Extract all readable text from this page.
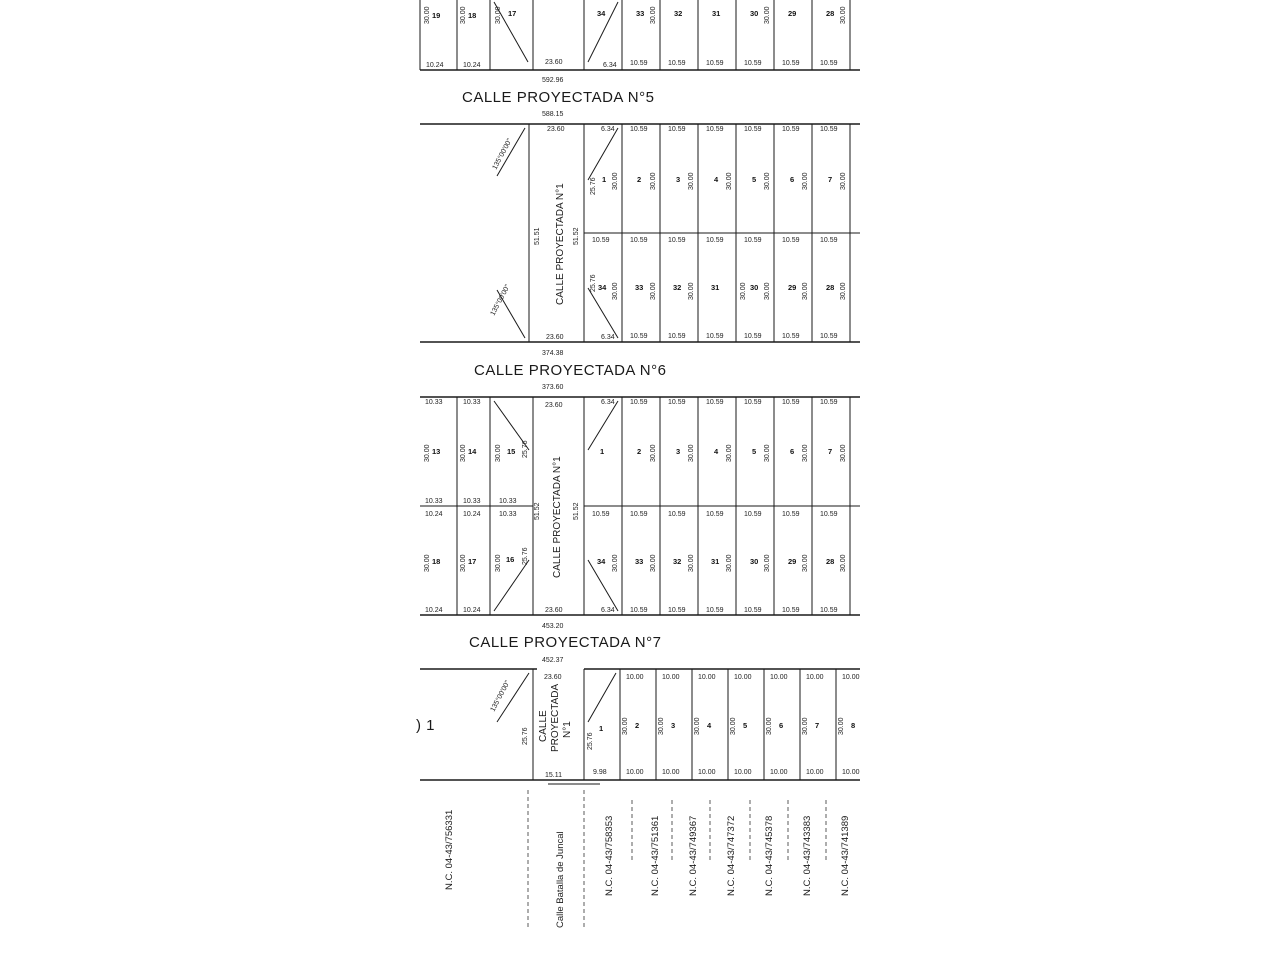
19	18	17	34	33	32	31	30	29	28
10.24	10.24	23.60	6.34 10.59	10.59	10.59	10.59	10.59	10.59
30.00	30.00	30.00	30.00	30.00	30.00
592.96
CALLE PROYECTADA N°5
588.15
CALLE PROYECTADA N°1
51.51	51.52
23.60
23.60
135°00'00"
135°00'00"
25.76
25.76
6.34
6.34
1	2	3	4	5	6	7
10.59	10.59	10.59	10.59	10.59	10.59
30.00	30.00	30.00	30.00	30.00	30.00	30.00
10.59	10.59	10.59	10.59	10.59	10.59	10.59
34	33	32	31	30	29	28
30.00	30.00	30.00	30.00 30.00	30.00	30.00
10.59	10.59	10.59	10.59	10.59	10.59
374.38
CALLE PROYECTADA N°6
373.60
CALLE PROYECTADA N°1
51.52	51.52
23.60
23.60
13	14	15
18	17	16
10.33	10.33
10.33	10.33	10.33
10.24	10.24	10.33
10.24	10.24
30.00	30.00	30.00	25.76
30.00	30.00	30.00	25.76
1	2	3	4	5	6	7
6.34 10.59	10.59	10.59	10.59	10.59	10.59
30.00	30.00	30.00	30.00	30.00	30.00
10.59	10.59	10.59	10.59	10.59	10.59	10.59
34	33	32	31	30	29	28
30.00	30.00	30.00	30.00	30.00	30.00	30.00
6.34 10.59	10.59	10.59	10.59	10.59	10.59
453.20
CALLE PROYECTADA N°7
452.37
) 1
135°00'00"
25.76 CALLE PROYECTADA N°1
23.60
15.11
25.76
9.98
1	2	3	4	5	6	7	8
10.00	10.00	10.00	10.00	10.00	10.00	10.00
30.00	30.00	30.00	30.00	30.00	30.00	30.00
10.00	10.00	10.00	10.00	10.00	10.00	10.00
N.C. 04-43/756331	Calle Batalla de Juncal	N.C. 04-43/758353	N.C. 04-43/751361	N.C. 04-43/749367	N.C. 04-43/747372	N.C. 04-43/745378	N.C. 04-43/743383	N.C. 04-43/741389
